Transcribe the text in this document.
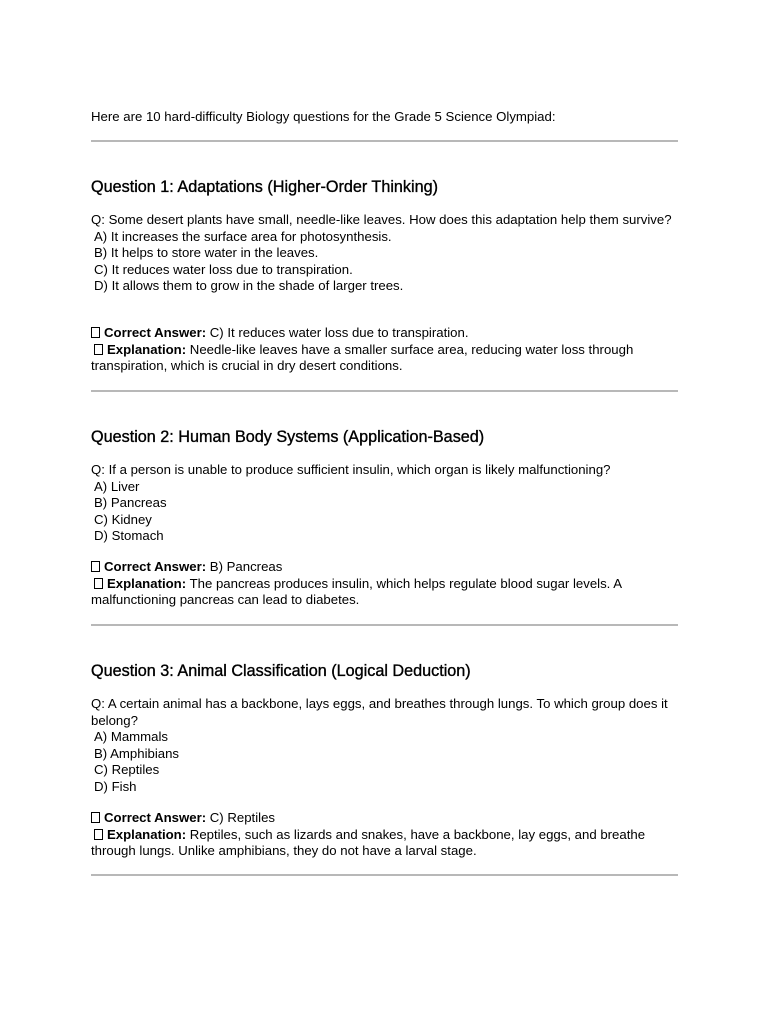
Here are 10 hard-difficulty Biology questions for the Grade 5 Science Olympiad:
Question 1: Adaptations (Higher-Order Thinking)

Q: Some desert plants have small, needle-like leaves. How does this adaptation help them survive?

A) It increases the surface area for photosynthesis.

B) It helps to store water in the leaves.

C) It reduces water loss due to transpiration.

D) It allows them to grow in the shade of larger trees.

Correct Answer: C) It reduces water loss due to transpiration.

Explanation: Needle-like leaves have a smaller surface area, reducing water loss through transpiration, which is crucial in dry desert conditions.

Question 2: Human Body Systems (Application-Based)

Q: If a person is unable to produce sufficient insulin, which organ is likely malfunctioning?

A) Liver

B) Pancreas

C) Kidney

D) Stomach

Correct Answer: B) Pancreas

Explanation: The pancreas produces insulin, which helps regulate blood sugar levels. A malfunctioning pancreas can lead to diabetes.

Question 3: Animal Classification (Logical Deduction)

Q: A certain animal has a backbone, lays eggs, and breathes through lungs. To which group does it belong?

A) Mammals

B) Amphibians

C) Reptiles

D) Fish

Correct Answer: C) Reptiles

Explanation: Reptiles, such as lizards and snakes, have a backbone, lay eggs, and breathe through lungs. Unlike amphibians, they do not have a larval stage.
